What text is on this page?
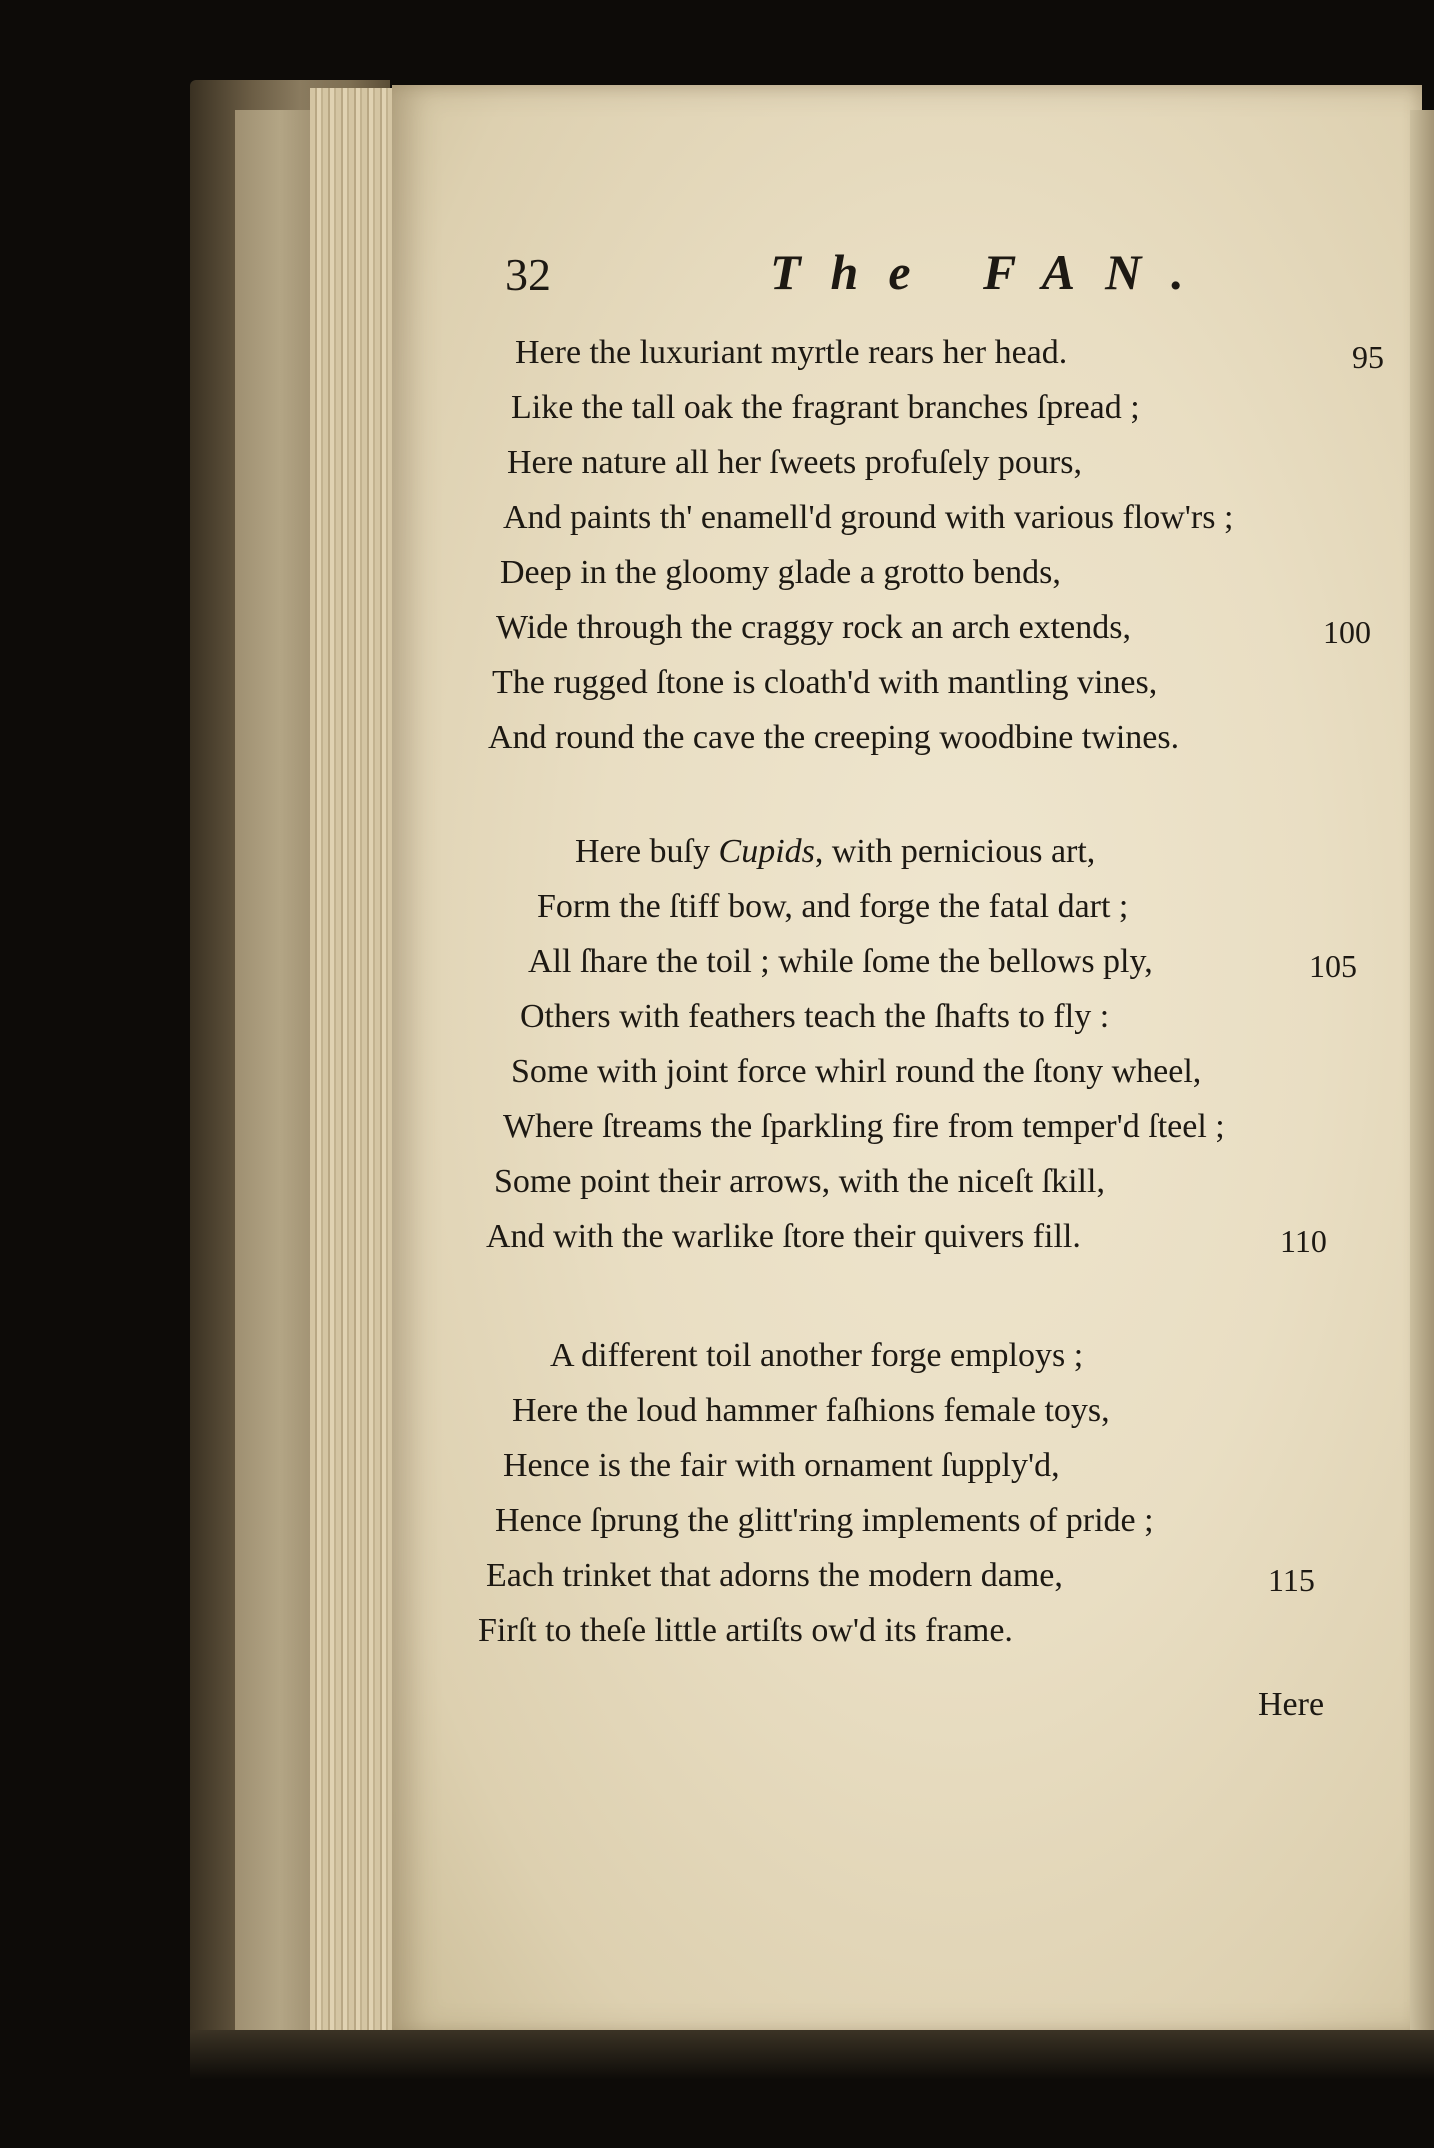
32	The FAN.
Here the luxuriant myrtle rears her head.	95
Like the tall oak the fragrant branches ſpread ;
Here nature all her ſweets profuſely pours,
And paints th' enamell'd ground with various flow'rs ;
Deep in the gloomy glade a grotto bends,
Wide through the craggy rock an arch extends,	100
The rugged ſtone is cloath'd with mantling vines,
And round the cave the creeping woodbine twines.
Here buſy Cupids, with pernicious art,
Form the ſtiff bow, and forge the fatal dart ;
All ſhare the toil ; while ſome the bellows ply,	105
Others with feathers teach the ſhafts to fly :
Some with joint force whirl round the ſtony wheel,
Where ſtreams the ſparkling fire from temper'd ſteel ;
Some point their arrows, with the niceſt ſkill,
And with the warlike ſtore their quivers fill.	110
A different toil another forge employs ;
Here the loud hammer faſhions female toys,
Hence is the fair with ornament ſupply'd,
Hence ſprung the glitt'ring implements of pride ;
Each trinket that adorns the modern dame,	115
Firſt to theſe little artiſts ow'd its frame.
Here
